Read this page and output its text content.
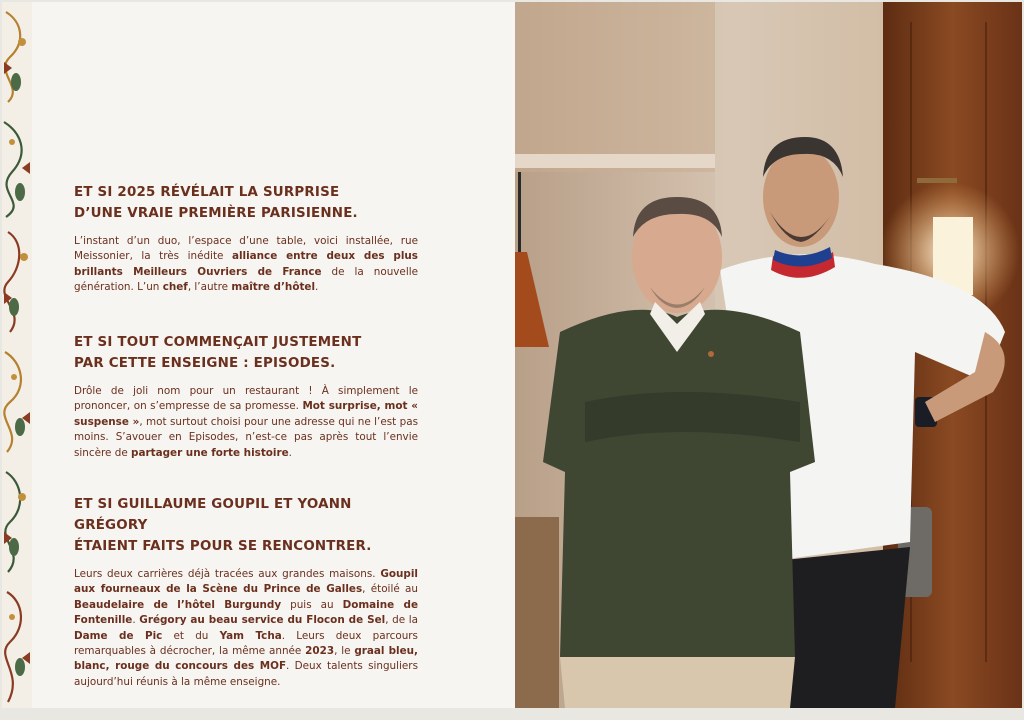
ET SI 2025 RÉVÉLAIT LA SURPRISE
D’UNE VRAIE PREMIÈRE PARISIENNE.

L’instant d’un duo, l’espace d’une table, voici installée, rue Meissonier, la très inédite alliance entre deux des plus brillants Meilleurs Ouvriers de France de la nouvelle génération. L’un chef, l’autre maître d’hôtel.

ET SI TOUT COMMENÇAIT JUSTEMENT
PAR CETTE ENSEIGNE : EPISODES.

Drôle de joli nom pour un restaurant ! À simplement le prononcer, on s’empresse de sa promesse. Mot surprise, mot « suspense », mot surtout choisi pour une adresse qui ne l’est pas moins. S’avouer en Episodes, n’est-ce pas après tout l’envie sincère de partager une forte histoire.

ET SI GUILLAUME GOUPIL ET YOANN GRÉGORY
ÉTAIENT FAITS POUR SE RENCONTRER.

Leurs deux carrières déjà tracées aux grandes maisons. Goupil aux fourneaux de la Scène du Prince de Galles, étoilé au Beaudelaire de l’hôtel Burgundy puis au Domaine de Fontenille. Grégory au beau service du Flocon de Sel, de la Dame de Pic et du Yam Tcha. Leurs deux parcours remarquables à décrocher, la même année 2023, le graal bleu, blanc, rouge du concours des MOF. Deux talents singuliers aujourd’hui réunis à la même enseigne.
